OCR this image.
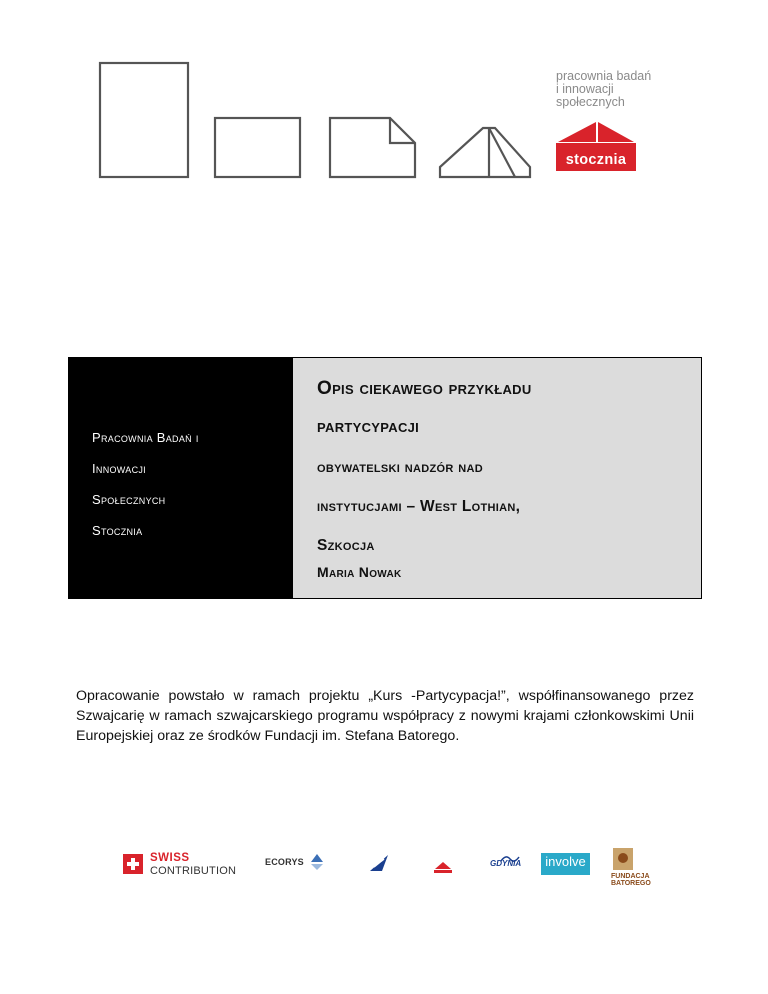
pracownia badań
i innowacji
społecznych
stocznia
Pracownia Badań i
Innowacji
Społecznych
Stocznia
Opis ciekawego przykładu
partycypacji
obywatelski nadzór nad
instytucjami – West Lothian,
Szkocja
Maria Nowak

Opracowanie powstało w ramach projektu „Kurs -Partycypacja!”, współfinansowanego przez Szwajcarię w ramach szwajcarskiego programu współpracy z nowymi krajami członkowskimi Unii Europejskiej oraz ze środków Fundacji im. Stefana Batorego.

SWISS
CONTRIBUTION
ECORYS	GDYNIA	involve
FUNDACJA
BATOREGO
